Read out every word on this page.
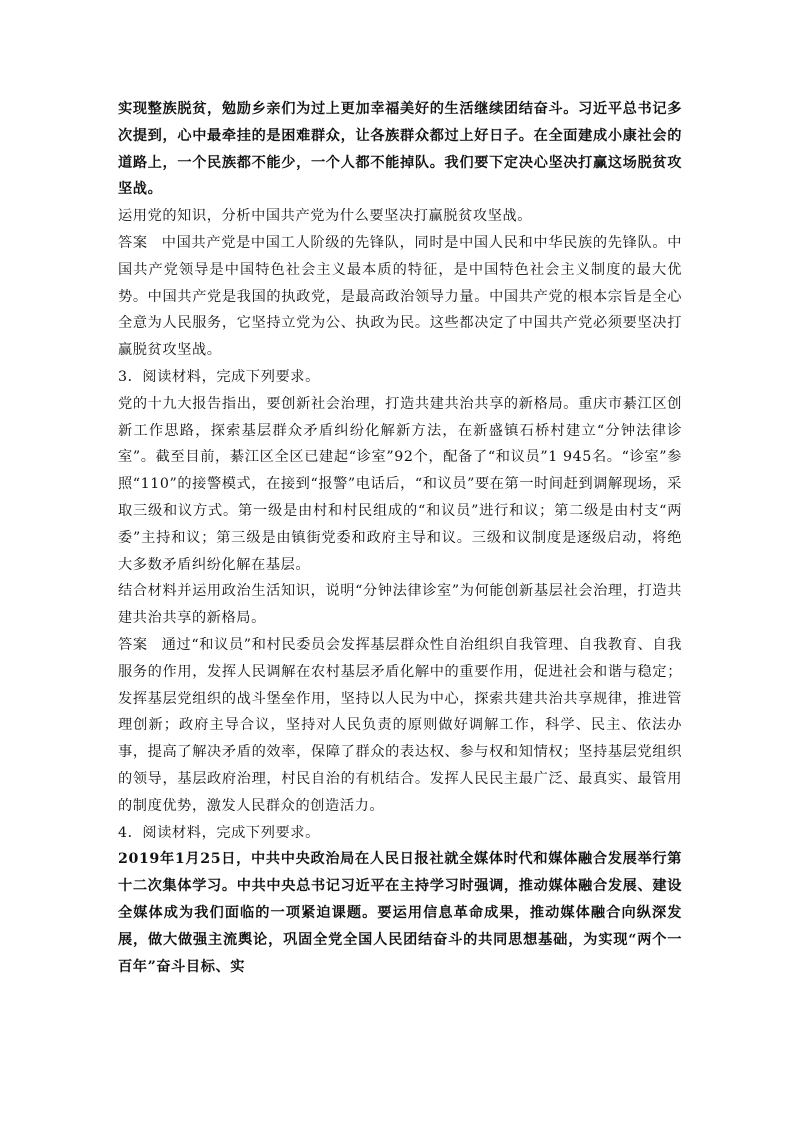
实现整族脱贫，勉励乡亲们为过上更加幸福美好的生活继续团结奋斗。习近平总书记多次提到，心中最牵挂的是困难群众，让各族群众都过上好日子。在全面建成小康社会的道路上，一个民族都不能少，一个人都不能掉队。我们要下定决心坚决打赢这场脱贫攻坚战。

运用党的知识，分析中国共产党为什么要坚决打赢脱贫攻坚战。

答案 中国共产党是中国工人阶级的先锋队，同时是中国人民和中华民族的先锋队。中国共产党领导是中国特色社会主义最本质的特征，是中国特色社会主义制度的最大优势。中国共产党是我国的执政党，是最高政治领导力量。中国共产党的根本宗旨是全心全意为人民服务，它坚持立党为公、执政为民。这些都决定了中国共产党必须要坚决打赢脱贫攻坚战。

3．阅读材料，完成下列要求。

党的十九大报告指出，要创新社会治理，打造共建共治共享的新格局。重庆市綦江区创新工作思路，探索基层群众矛盾纠纷化解新方法，在新盛镇石桥村建立“分钟法律诊室”。截至目前，綦江区全区已建起“诊室”92个，配备了“和议员”1 945名。“诊室”参照“110”的接警模式，在接到“报警”电话后，“和议员”要在第一时间赶到调解现场，采取三级和议方式。第一级是由村和村民组成的“和议员”进行和议；第二级是由村支“两委”主持和议；第三级是由镇街党委和政府主导和议。三级和议制度是逐级启动，将绝大多数矛盾纠纷化解在基层。

结合材料并运用政治生活知识，说明“分钟法律诊室”为何能创新基层社会治理，打造共建共治共享的新格局。

答案 通过“和议员”和村民委员会发挥基层群众性自治组织自我管理、自我教育、自我服务的作用，发挥人民调解在农村基层矛盾化解中的重要作用，促进社会和谐与稳定；发挥基层党组织的战斗堡垒作用，坚持以人民为中心，探索共建共治共享规律，推进管理创新；政府主导合议，坚持对人民负责的原则做好调解工作，科学、民主、依法办事，提高了解决矛盾的效率，保障了群众的表达权、参与权和知情权；坚持基层党组织的领导，基层政府治理，村民自治的有机结合。发挥人民民主最广泛、最真实、最管用的制度优势，激发人民群众的创造活力。

4．阅读材料，完成下列要求。

2019年1月25日，中共中央政治局在人民日报社就全媒体时代和媒体融合发展举行第十二次集体学习。中共中央总书记习近平在主持学习时强调，推动媒体融合发展、建设全媒体成为我们面临的一项紧迫课题。要运用信息革命成果，推动媒体融合向纵深发展，做大做强主流舆论，巩固全党全国人民团结奋斗的共同思想基础，为实现“两个一百年”奋斗目标、实
